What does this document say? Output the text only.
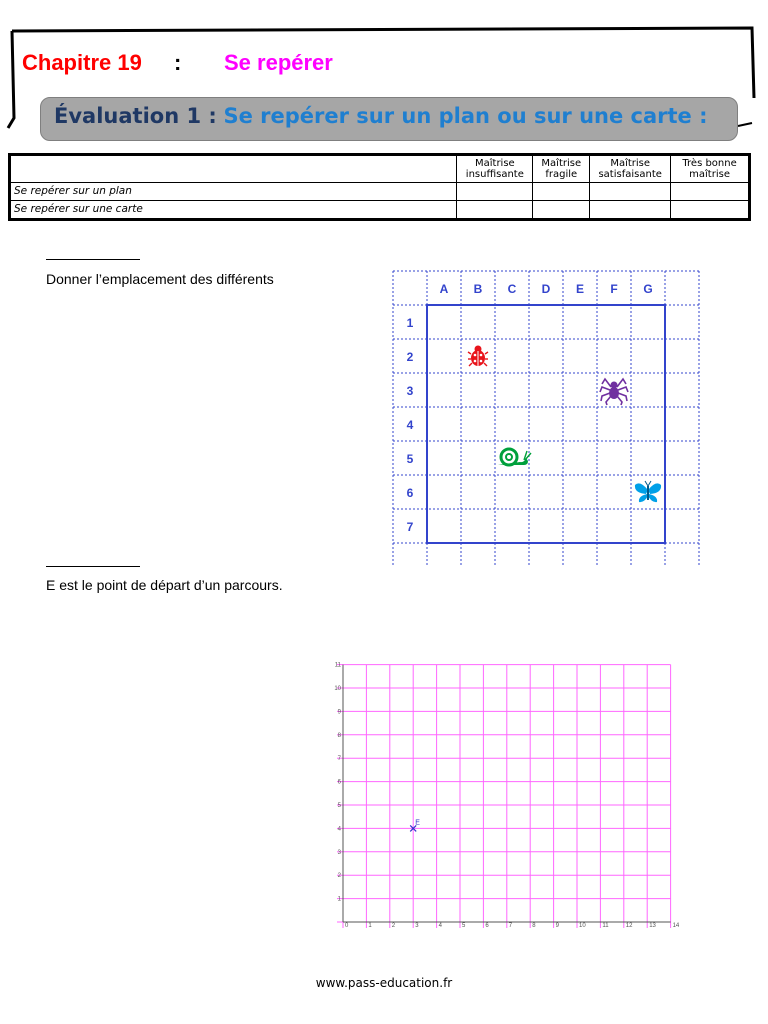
Chapitre 19 : Se repérer
Évaluation 1 : Se repérer sur un plan ou sur une carte :
	Maîtrise insuffisante	Maîtrise fragile	Maîtrise satisfaisante	Très bonne maîtrise
Se repérer sur un plan				
Se repérer sur une carte				
Donner l’emplacement des différents
A B C D E F G
1
2
3
4
5
6
7
E est le point de départ d’un parcours.
0	1	2	3	4	5	6	7	8	9	10	11	12	13	14
1
2
3
4
5
6
7
8
9
10
11
E
www.pass-education.fr
